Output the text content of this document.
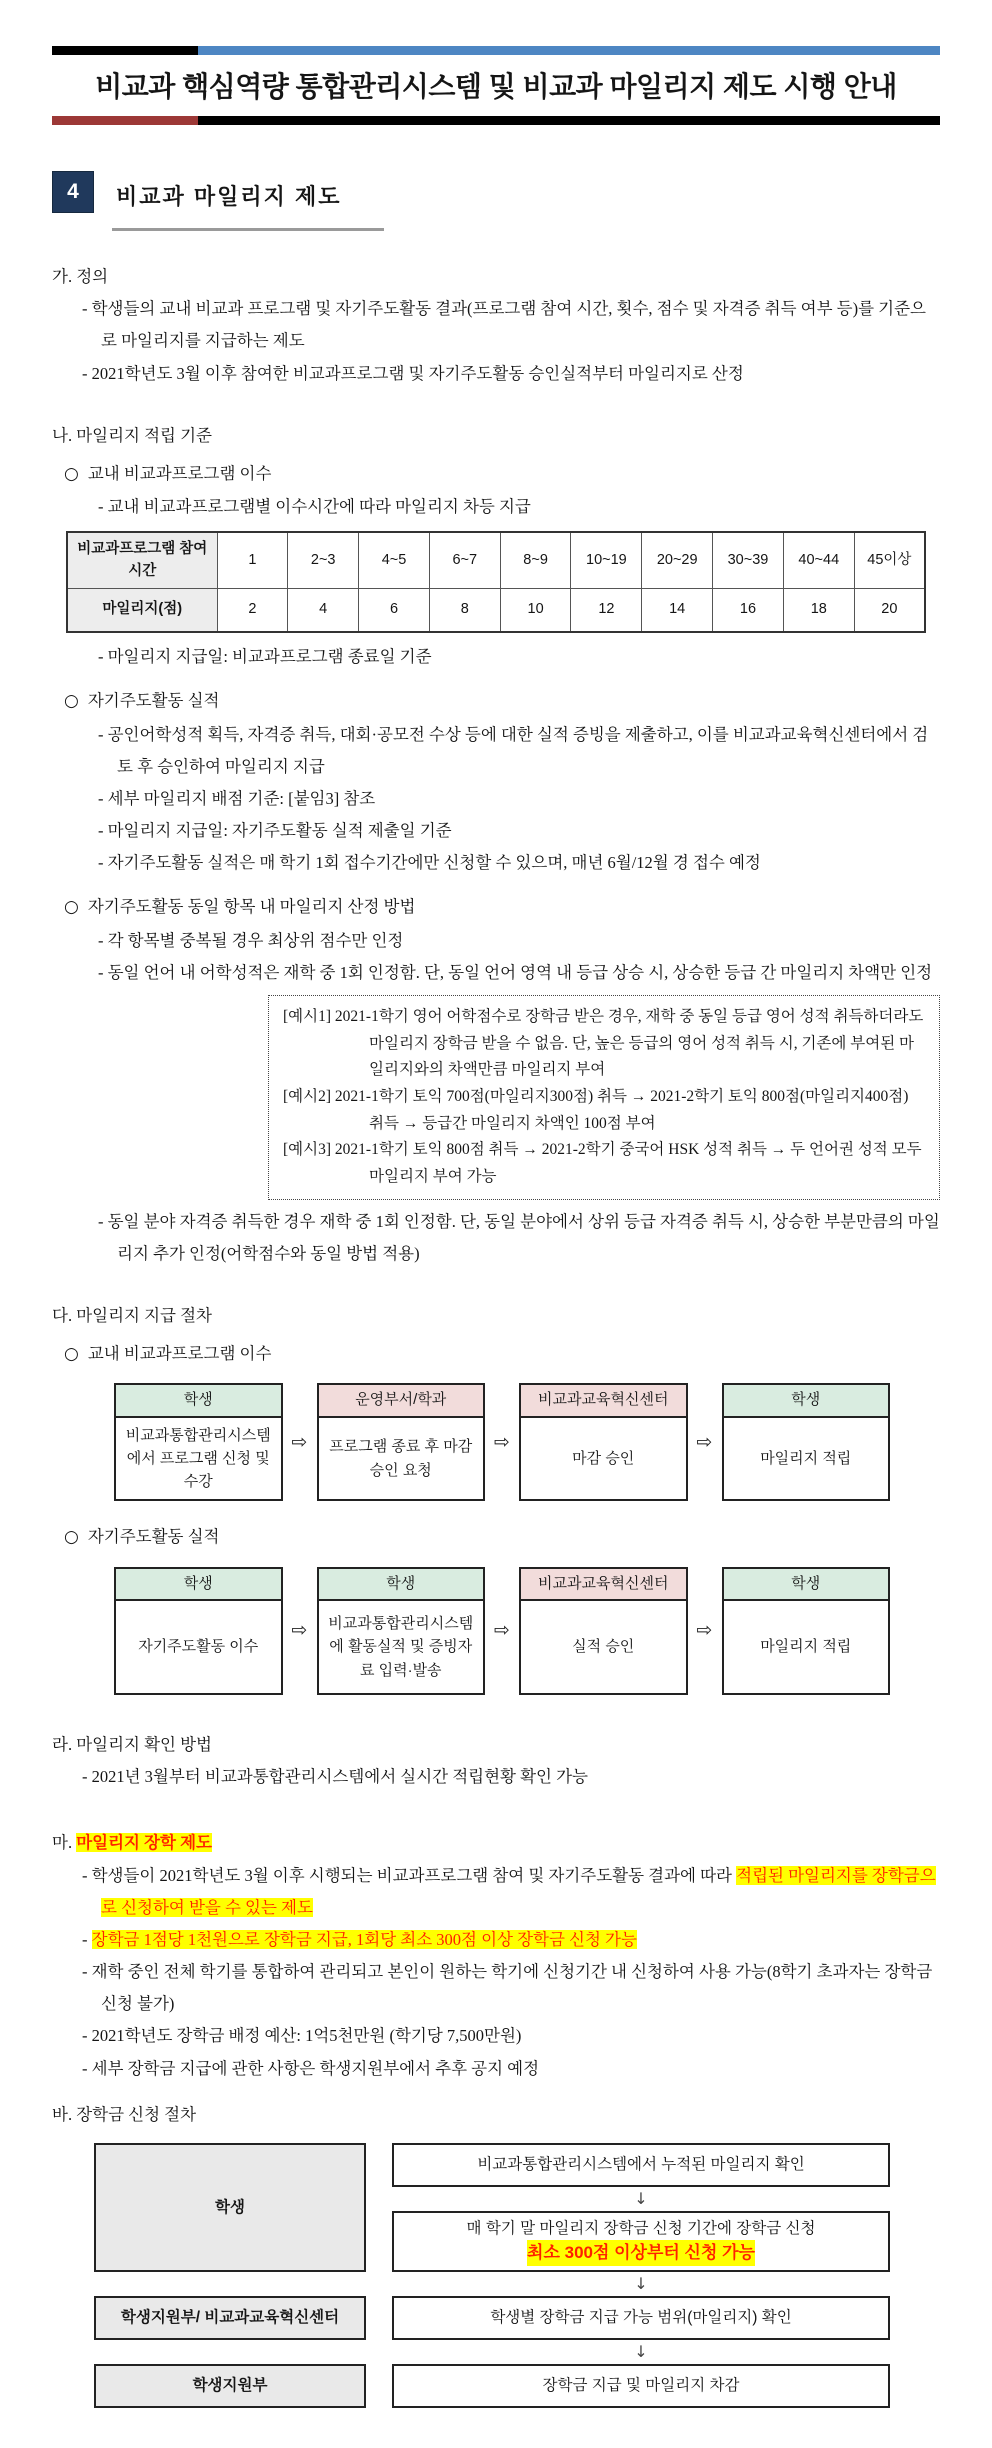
비교과 핵심역량 통합관리시스템 및 비교과 마일리지 제도 시행 안내
4	비교과 마일리지 제도
가. 정의

- 학생들의 교내 비교과 프로그램 및 자기주도활동 결과(프로그램 참여 시간, 횟수, 점수 및 자격증 취득 여부 등)를 기준으로 마일리지를 지급하는 제도

- 2021학년도 3월 이후 참여한 비교과프로그램 및 자기주도활동 승인실적부터 마일리지로 산정

나. 마일리지 적립 기준

○ 교내 비교과프로그램 이수

- 교내 비교과프로그램별 이수시간에 따라 마일리지 차등 지급

비교과프로그램 참여 시간	1	2~3	4~5	6~7	8~9	10~19	20~29	30~39	40~44	45이상
마일리지(점)	2	4	6	8	10	12	14	16	18	20

- 마일리지 지급일: 비교과프로그램 종료일 기준

○ 자기주도활동 실적

- 공인어학성적 획득, 자격증 취득, 대회·공모전 수상 등에 대한 실적 증빙을 제출하고, 이를 비교과교육혁신센터에서 검토 후 승인하여 마일리지 지급

- 세부 마일리지 배점 기준: [붙임3] 참조

- 마일리지 지급일: 자기주도활동 실적 제출일 기준

- 자기주도활동 실적은 매 학기 1회 접수기간에만 신청할 수 있으며, 매년 6월/12월 경 접수 예정

○ 자기주도활동 동일 항목 내 마일리지 산정 방법

- 각 항목별 중복될 경우 최상위 점수만 인정

- 동일 언어 내 어학성적은 재학 중 1회 인정함. 단, 동일 언어 영역 내 등급 상승 시, 상승한 등급 간 마일리지 차액만 인정

[예시1] 2021-1학기 영어 어학점수로 장학금 받은 경우, 재학 중 동일 등급 영어 성적 취득하더라도 마일리지 장학금 받을 수 없음. 단, 높은 등급의 영어 성적 취득 시, 기존에 부여된 마일리지와의 차액만큼 마일리지 부여

[예시2] 2021-1학기 토익 700점(마일리지300점) 취득 → 2021-2학기 토익 800점(마일리지400점) 취득 → 등급간 마일리지 차액인 100점 부여

[예시3] 2021-1학기 토익 800점 취득 → 2021-2학기 중국어 HSK 성적 취득 → 두 언어권 성적 모두 마일리지 부여 가능

- 동일 분야 자격증 취득한 경우 재학 중 1회 인정함. 단, 동일 분야에서 상위 등급 자격증 취득 시, 상승한 부분만큼의 마일리지 추가 인정(어학점수와 동일 방법 적용)

다. 마일리지 지급 절차

○ 교내 비교과프로그램 이수

학생
비교과통합관리시스템에서 프로그램 신청 및 수강
⇨
운영부서/학과
프로그램 종료 후 마감승인 요청
⇨
비교과교육혁신센터
마감 승인
⇨
학생
마일리지 적립

○ 자기주도활동 실적

학생
자기주도활동 이수
⇨
학생
비교과통합관리시스템에 활동실적 및 증빙자료 입력·발송
⇨
비교과교육혁신센터
실적 승인
⇨
학생
마일리지 적립
라. 마일리지 확인 방법

- 2021년 3월부터 비교과통합관리시스템에서 실시간 적립현황 확인 가능

마. 마일리지 장학 제도

- 학생들이 2021학년도 3월 이후 시행되는 비교과프로그램 참여 및 자기주도활동 결과에 따라 적립된 마일리지를 장학금으로 신청하여 받을 수 있는 제도

- 장학금 1점당 1천원으로 장학금 지급, 1회당 최소 300점 이상 장학금 신청 가능

- 재학 중인 전체 학기를 통합하여 관리되고 본인이 원하는 학기에 신청기간 내 신청하여 사용 가능(8학기 초과자는 장학금 신청 불가)

- 2021학년도 장학금 배정 예산: 1억5천만원 (학기당 7,500만원)

- 세부 장학금 지급에 관한 사항은 학생지원부에서 추후 공지 예정

바. 장학금 신청 절차
학생
비교과통합관리시스템에서 누적된 마일리지 확인
↓
매 학기 말 마일리지 장학금 신청 기간에 장학금 신청
최소 300점 이상부터 신청 가능
↓
학생지원부/ 비교과교육혁신센터	학생별 장학금 지급 가능 범위(마일리지) 확인
↓
학생지원부	장학금 지급 및 마일리지 차감
